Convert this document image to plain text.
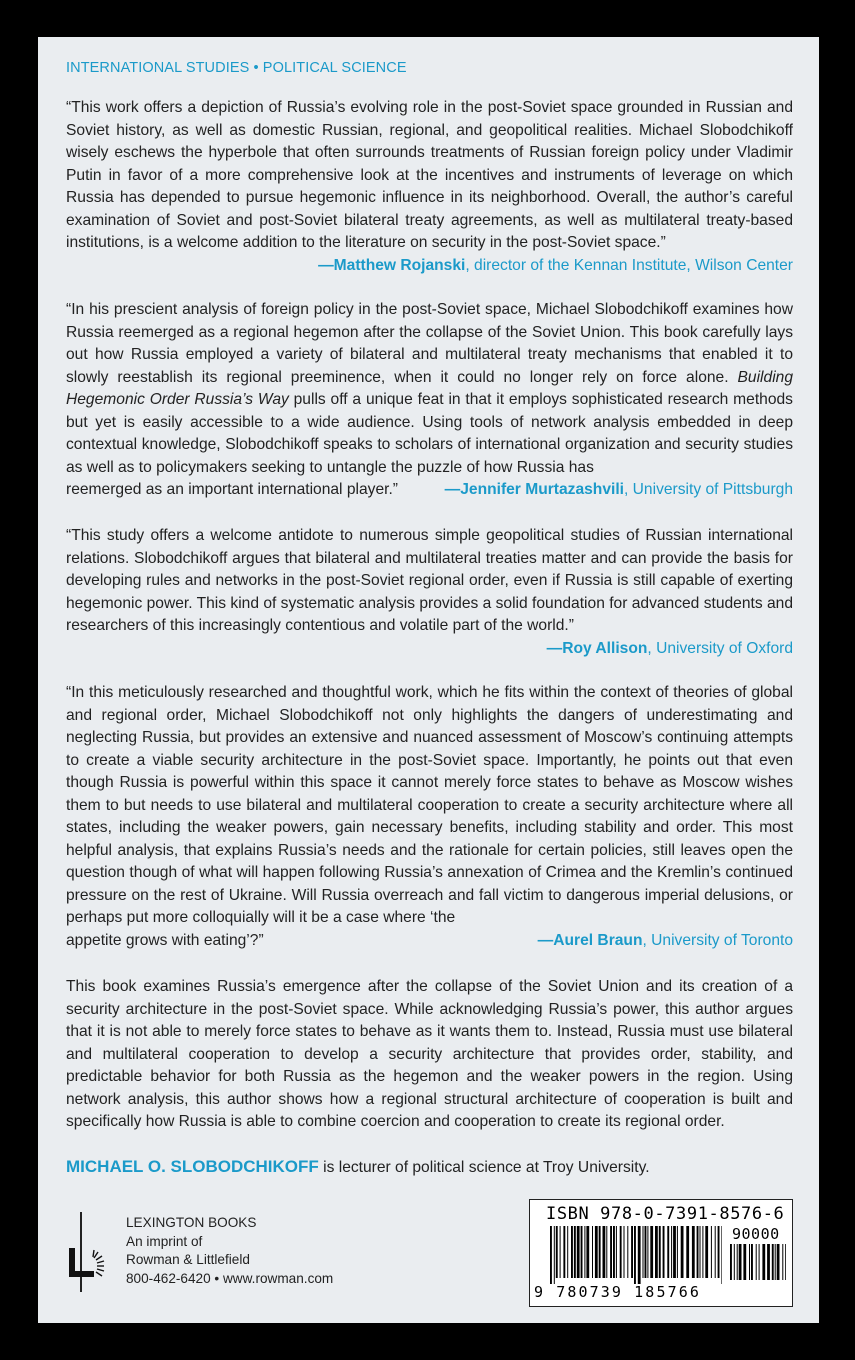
INTERNATIONAL STUDIES • POLITICAL SCIENCE
“This work offers a depiction of Russia’s evolving role in the post-Soviet space grounded in Russian and Soviet history, as well as domestic Russian, regional, and geopolitical realities. Michael Slobodchikoff wisely eschews the hyperbole that often surrounds treatments of Russian foreign policy under Vladimir Putin in favor of a more comprehensive look at the incentives and instruments of leverage on which Russia has depended to pursue hegemonic influence in its neighborhood. Overall, the author’s careful examination of Soviet and post-Soviet bilateral treaty agreements, as well as multilateral treaty-based institutions, is a welcome addition to the literature on security in the post-Soviet space.”
—Matthew Rojanski, director of the Kennan Institute, Wilson Center
“In his prescient analysis of foreign policy in the post-Soviet space, Michael Slobodchikoff examines how Russia reemerged as a regional hegemon after the collapse of the Soviet Union. This book carefully lays out how Russia employed a variety of bilateral and multilateral treaty mechanisms that enabled it to slowly reestablish its regional preeminence, when it could no longer rely on force alone. Building Hegemonic Order Russia’s Way pulls off a unique feat in that it employs sophisticated research methods but yet is easily accessible to a wide audience. Using tools of network analysis embedded in deep contextual knowledge, Slobodchikoff speaks to scholars of international organization and security studies as well as to policymakers seeking to untangle the puzzle of how Russia has
reemerged as an important international player.”	—Jennifer Murtazashvili, University of Pittsburgh
“This study offers a welcome antidote to numerous simple geopolitical studies of Russian international relations. Slobodchikoff argues that bilateral and multilateral treaties matter and can provide the basis for developing rules and networks in the post-Soviet regional order, even if Russia is still capable of exerting hegemonic power. This kind of systematic analysis provides a solid foundation for advanced students and researchers of this increasingly contentious and volatile part of the world.”
—Roy Allison, University of Oxford
“In this meticulously researched and thoughtful work, which he fits within the context of theories of global and regional order, Michael Slobodchikoff not only highlights the dangers of underestimating and neglecting Russia, but provides an extensive and nuanced assessment of Moscow’s continuing attempts to create a viable security architecture in the post-Soviet space. Importantly, he points out that even though Russia is powerful within this space it cannot merely force states to behave as Moscow wishes them to but needs to use bilateral and multilateral cooperation to create a security architecture where all states, including the weaker powers, gain necessary benefits, including stability and order. This most helpful analysis, that explains Russia’s needs and the rationale for certain policies, still leaves open the question though of what will happen following Russia’s annexation of Crimea and the Kremlin’s continued pressure on the rest of Ukraine. Will Russia overreach and fall victim to dangerous imperial delusions, or perhaps put more colloquially will it be a case where ‘the
appetite grows with eating’?”	—Aurel Braun, University of Toronto
This book examines Russia’s emergence after the collapse of the Soviet Union and its creation of a security architecture in the post-Soviet space. While acknowledging Russia’s power, this author argues that it is not able to merely force states to behave as it wants them to. Instead, Russia must use bilateral and multilateral cooperation to develop a security architecture that provides order, stability, and predictable behavior for both Russia as the hegemon and the weaker powers in the region. Using network analysis, this author shows how a regional structural architecture of cooperation is built and specifically how Russia is able to combine coercion and cooperation to create its regional order.
MICHAEL O. SLOBODCHIKOFF is lecturer of political science at Troy University.
LEXINGTON BOOKS
An imprint of
Rowman & Littlefield
800-462-6420 • www.rowman.com
ISBN 978-0-7391-8576-6
90000
9 780739 185766
